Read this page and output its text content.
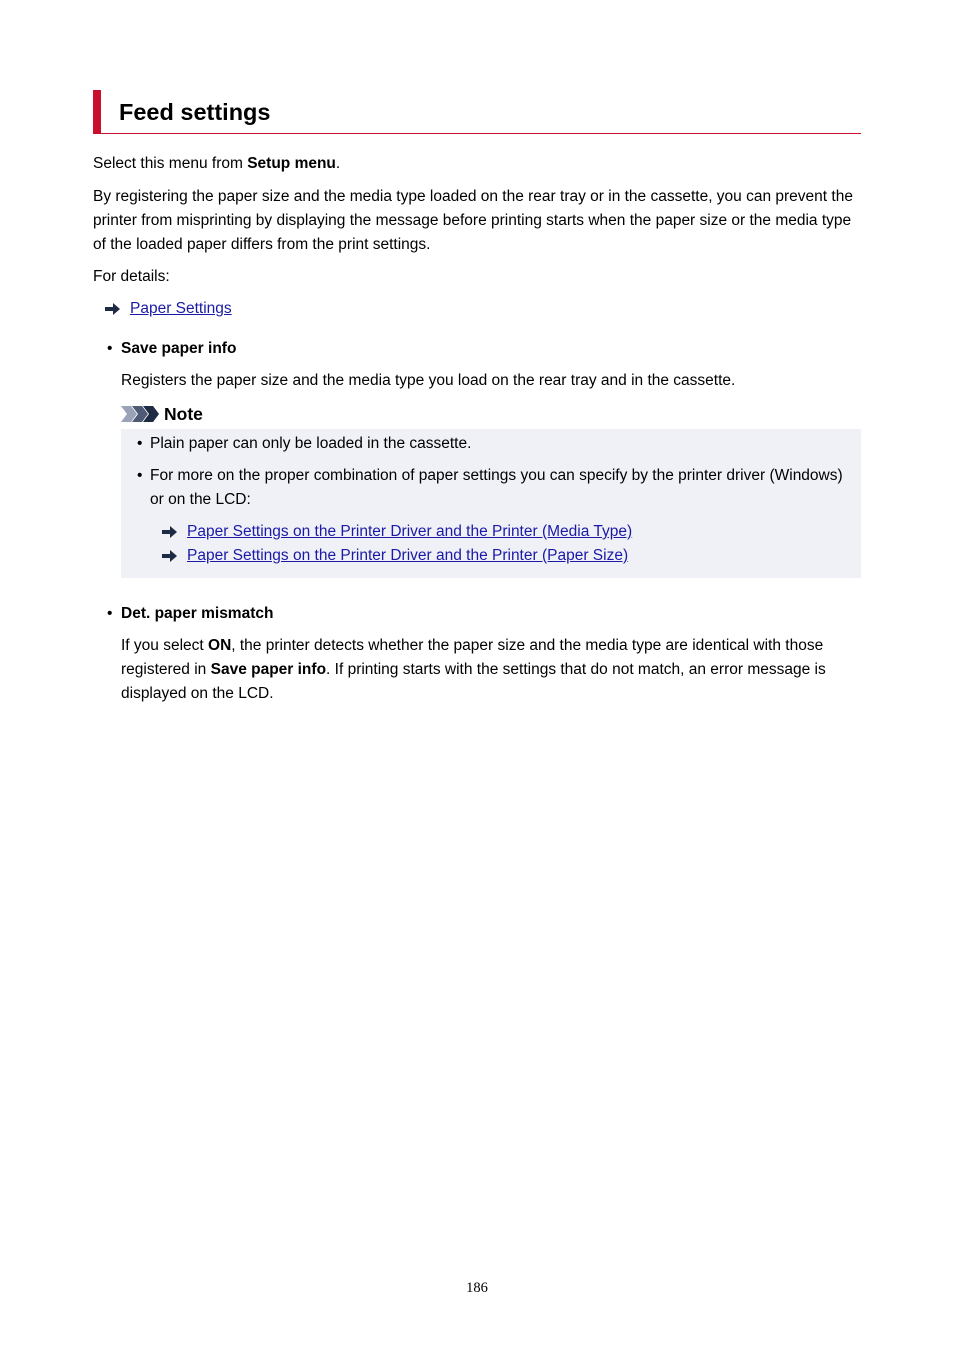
Feed settings

Select this menu from Setup menu.

By registering the paper size and the media type loaded on the rear tray or in the cassette, you can prevent the printer from misprinting by displaying the message before printing starts when the paper size or the media type of the loaded paper differs from the print settings.

For details:

Paper Settings
• Save paper info

Registers the paper size and the media type you load on the rear tray and in the cassette.

Note
• Plain paper can only be loaded in the cassette.
• For more on the proper combination of paper settings you can specify by the printer driver (Windows) or on the LCD:
Paper Settings on the Printer Driver and the Printer (Media Type)
Paper Settings on the Printer Driver and the Printer (Paper Size)
• Det. paper mismatch

If you select ON, the printer detects whether the paper size and the media type are identical with those registered in Save paper info. If printing starts with the settings that do not match, an error message is displayed on the LCD.

186
